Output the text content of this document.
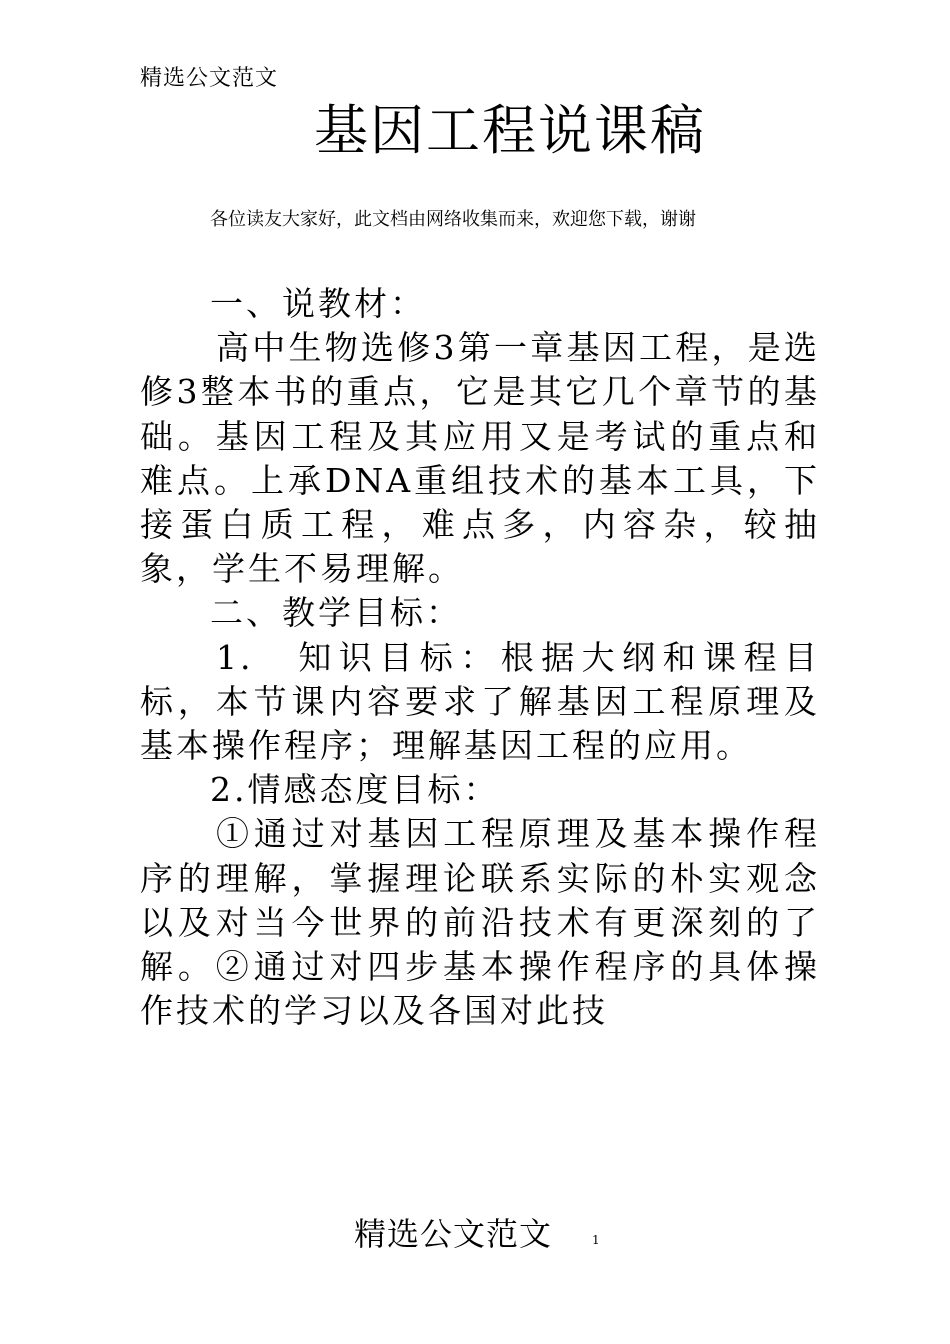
精选公文范文
基因工程说课稿
各位读友大家好，此文档由网络收集而来，欢迎您下载，谢谢

一、说教材：

高中生物选修3第一章基因工程，是选修3整本书的重点，它是其它几个章节的基础。基因工程及其应用又是考试的重点和难点。上承DNA重组技术的基本工具，下接蛋白质工程，难点多，内容杂，较抽象，学生不易理解。

二、教学目标：

1.　知识目标：根据大纲和课程目标，本节课内容要求了解基因工程原理及基本操作程序；理解基因工程的应用。

2.情感态度目标：

①通过对基因工程原理及基本操作程序的理解，掌握理论联系实际的朴实观念以及对当今世界的前沿技术有更深刻的了解。②通过对四步基本操作程序的具体操作技术的学习以及各国对此技

精选公文范文	1
